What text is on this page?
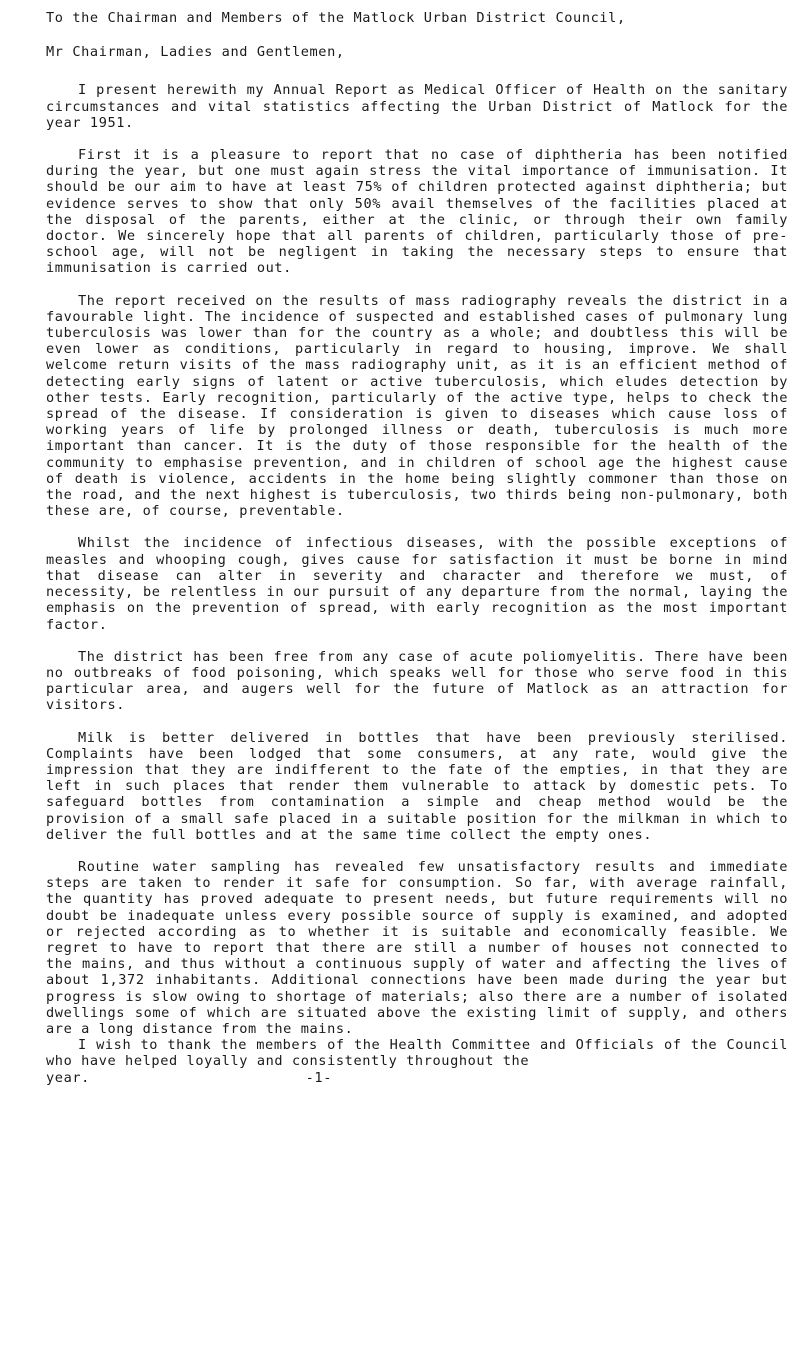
To the Chairman and Members of the Matlock Urban District Council,
Mr Chairman, Ladies and Gentlemen,

I present herewith my Annual Report as Medical Officer of Health on the sanitary circumstances and vital statistics affecting the Urban District of Matlock for the year 1951.

First it is a pleasure to report that no case of diphtheria has been notified during the year, but one must again stress the vital importance of immunisation. It should be our aim to have at least 75% of children protected against diphtheria; but evidence serves to show that only 50% avail themselves of the facilities placed at the disposal of the parents, either at the clinic, or through their own family doctor. We sincerely hope that all parents of children, particularly those of pre-school age, will not be negligent in taking the necessary steps to ensure that immunisation is carried out.

The report received on the results of mass radiography reveals the district in a favourable light. The incidence of suspected and established cases of pulmonary lung tuberculosis was lower than for the country as a whole; and doubtless this will be even lower as conditions, particularly in regard to housing, improve. We shall welcome return visits of the mass radiography unit, as it is an efficient method of detecting early signs of latent or active tuberculosis, which eludes detection by other tests. Early recognition, particularly of the active type, helps to check the spread of the disease. If consideration is given to diseases which cause loss of working years of life by prolonged illness or death, tuberculosis is much more important than cancer. It is the duty of those responsible for the health of the community to emphasise prevention, and in children of school age the highest cause of death is violence, accidents in the home being slightly commoner than those on the road, and the next highest is tuberculosis, two thirds being non-pulmonary, both these are, of course, preventable.

Whilst the incidence of infectious diseases, with the possible exceptions of measles and whooping cough, gives cause for satisfaction it must be borne in mind that disease can alter in severity and character and therefore we must, of necessity, be relentless in our pursuit of any departure from the normal, laying the emphasis on the prevention of spread, with early recognition as the most important factor.

The district has been free from any case of acute poliomyelitis. There have been no outbreaks of food poisoning, which speaks well for those who serve food in this particular area, and augers well for the future of Matlock as an attraction for visitors.

Milk is better delivered in bottles that have been previously sterilised. Complaints have been lodged that some consumers, at any rate, would give the impression that they are indifferent to the fate of the empties, in that they are left in such places that render them vulnerable to attack by domestic pets. To safeguard bottles from contamination a simple and cheap method would be the provision of a small safe placed in a suitable position for the milkman in which to deliver the full bottles and at the same time collect the empty ones.

Routine water sampling has revealed few unsatisfactory results and immediate steps are taken to render it safe for consumption. So far, with average rainfall, the quantity has proved adequate to present needs, but future requirements will no doubt be inadequate unless every possible source of supply is examined, and adopted or rejected according as to whether it is suitable and economically feasible. We regret to have to report that there are still a number of houses not connected to the mains, and thus without a continuous supply of water and affecting the lives of about 1,372 inhabitants. Additional connections have been made during the year but progress is slow owing to shortage of materials; also there are a number of isolated dwellings some of which are situated above the existing limit of supply, and others are a long distance from the mains.

I wish to thank the members of the Health Committee and Officials of the Council who have helped loyally and consistently throughout the

year.	-1-
